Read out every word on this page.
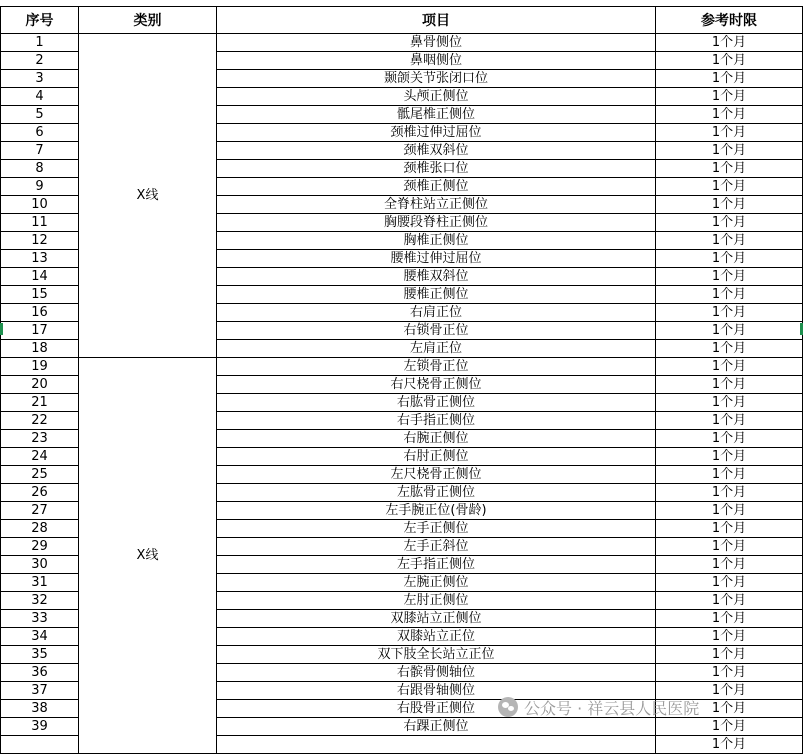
序号	类别	项目	参考时限
1	X线	鼻骨侧位	1个月
2		鼻咽侧位	1个月
3		颞颌关节张闭口位	1个月
4		头颅正侧位	1个月
5		骶尾椎正侧位	1个月
6		颈椎过伸过屈位	1个月
7		颈椎双斜位	1个月
8		颈椎张口位	1个月
9		颈椎正侧位	1个月
10		全脊柱站立正侧位	1个月
11		胸腰段脊柱正侧位	1个月
12		胸椎正侧位	1个月
13		腰椎过伸过屈位	1个月
14		腰椎双斜位	1个月
15		腰椎正侧位	1个月
16		右肩正位	1个月
17		右锁骨正位	1个月
18		左肩正位	1个月
19	X线	左锁骨正位	1个月
20		右尺桡骨正侧位	1个月
21		右肱骨正侧位	1个月
22		右手指正侧位	1个月
23		右腕正侧位	1个月
24		右肘正侧位	1个月
25		左尺桡骨正侧位	1个月
26		左肱骨正侧位	1个月
27		左手腕正位(骨龄)	1个月
28		左手正侧位	1个月
29		左手正斜位	1个月
30		左手指正侧位	1个月
31		左腕正侧位	1个月
32		左肘正侧位	1个月
33		双膝站立正侧位	1个月
34		双膝站立正位	1个月
35		双下肢全长站立正位	1个月
36		右髌骨侧轴位	1个月
37		右跟骨轴侧位	1个月
38		右股骨正侧位	1个月
39		右踝正侧位	1个月
			1个月
公众号 · 祥云县人民医院
